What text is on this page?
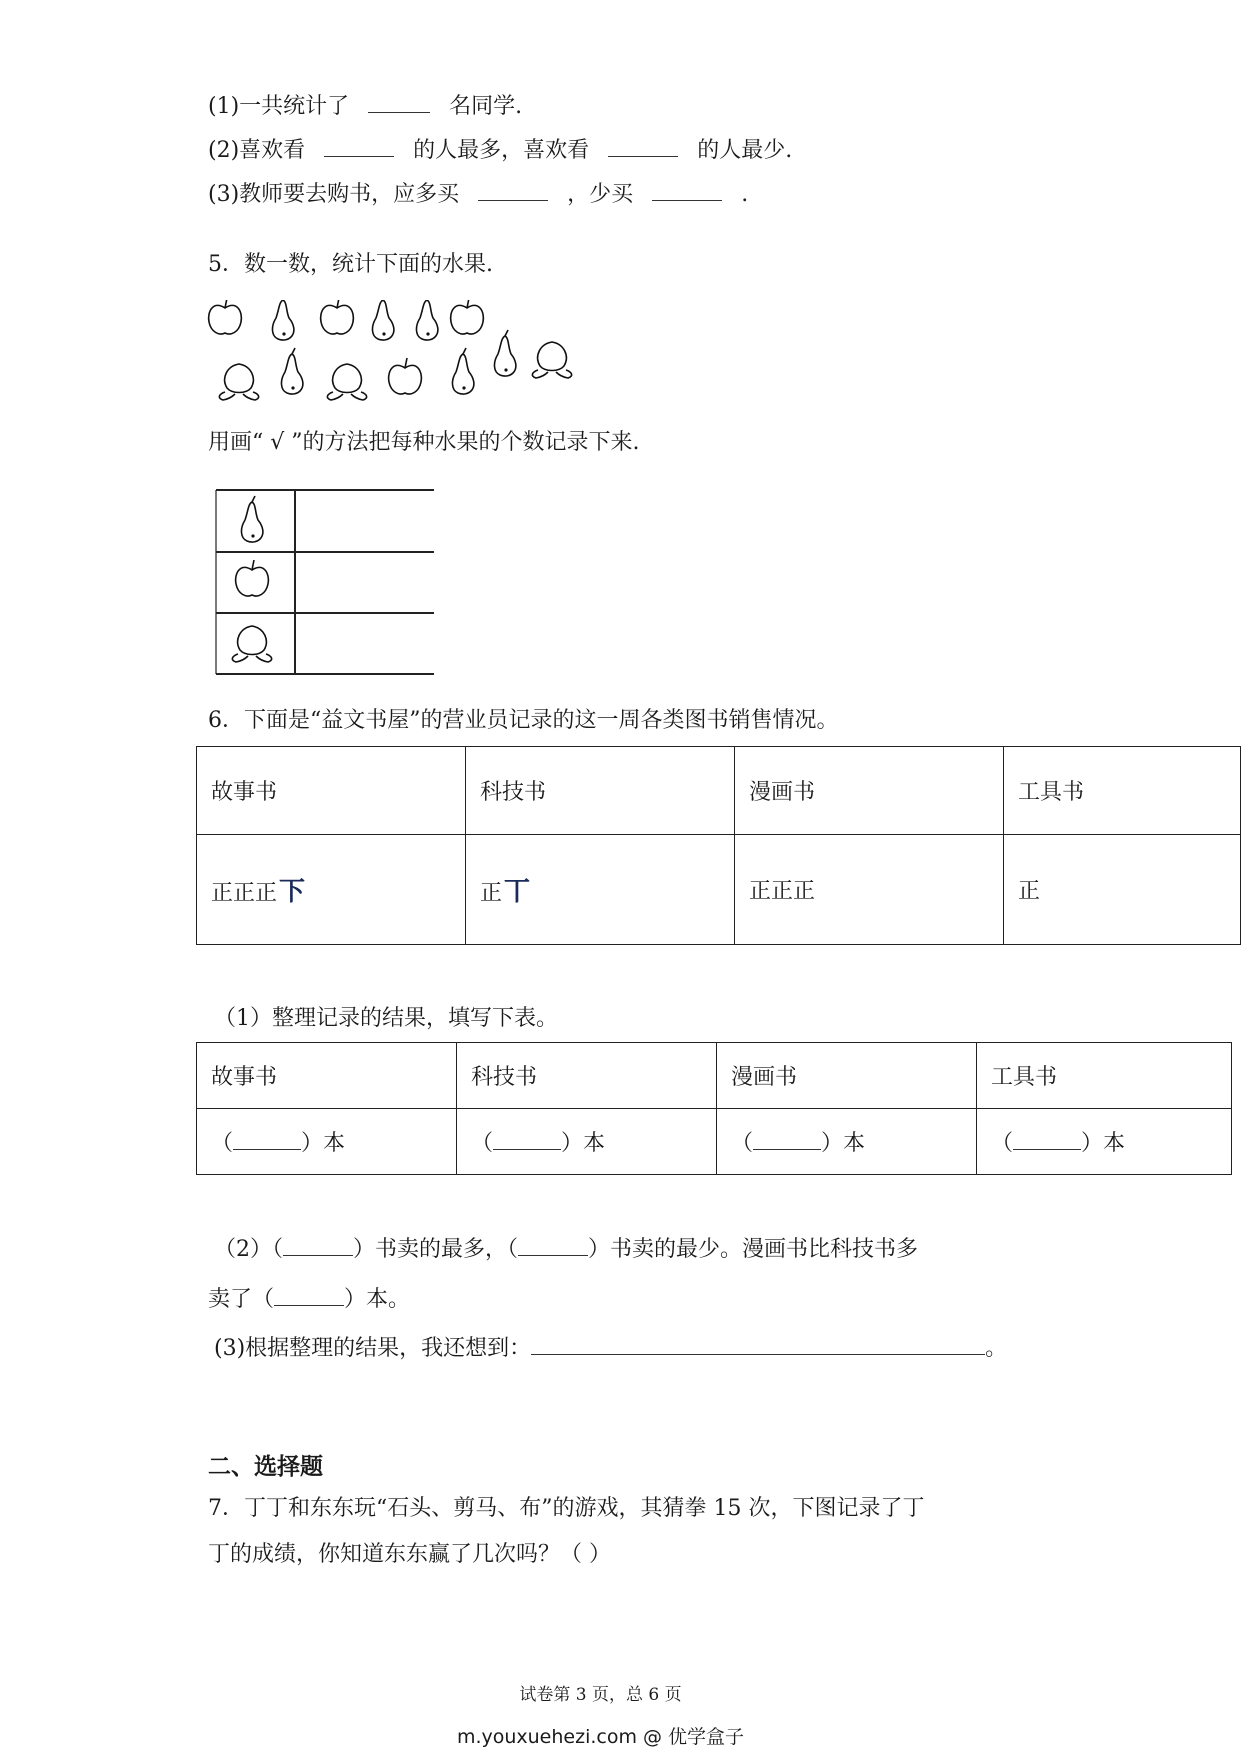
(1)一共统计了	名同学.
(2)喜欢看	的人最多，喜欢看	的人最少.
(3)教师要去购书，应多买	，少买	.
5．数一数，统计下面的水果.
用画“ √ ”的方法把每种水果的个数记录下来.
6．下面是“益文书屋”的营业员记录的这一周各类图书销售情况。
故事书	科技书	漫画书	工具书
正正正下	正丅	正正正	正
（1）整理记录的结果，填写下表。
故事书	科技书	漫画书	工具书
（ ）本	（ ）本	（ ）本	（ ）本
（2）（	）书卖的最多，（	）书卖的最少。漫画书比科技书多
卖了（	）本。
(3)根据整理的结果，我还想到：	。
二、选择题
7．丁丁和东东玩“石头、剪马、布”的游戏，其猜拳 15 次，下图记录了丁
丁的成绩，你知道东东赢了几次吗？（ ）
试卷第 3 页，总 6 页
m.youxuehezi.com @ 优学盒子
